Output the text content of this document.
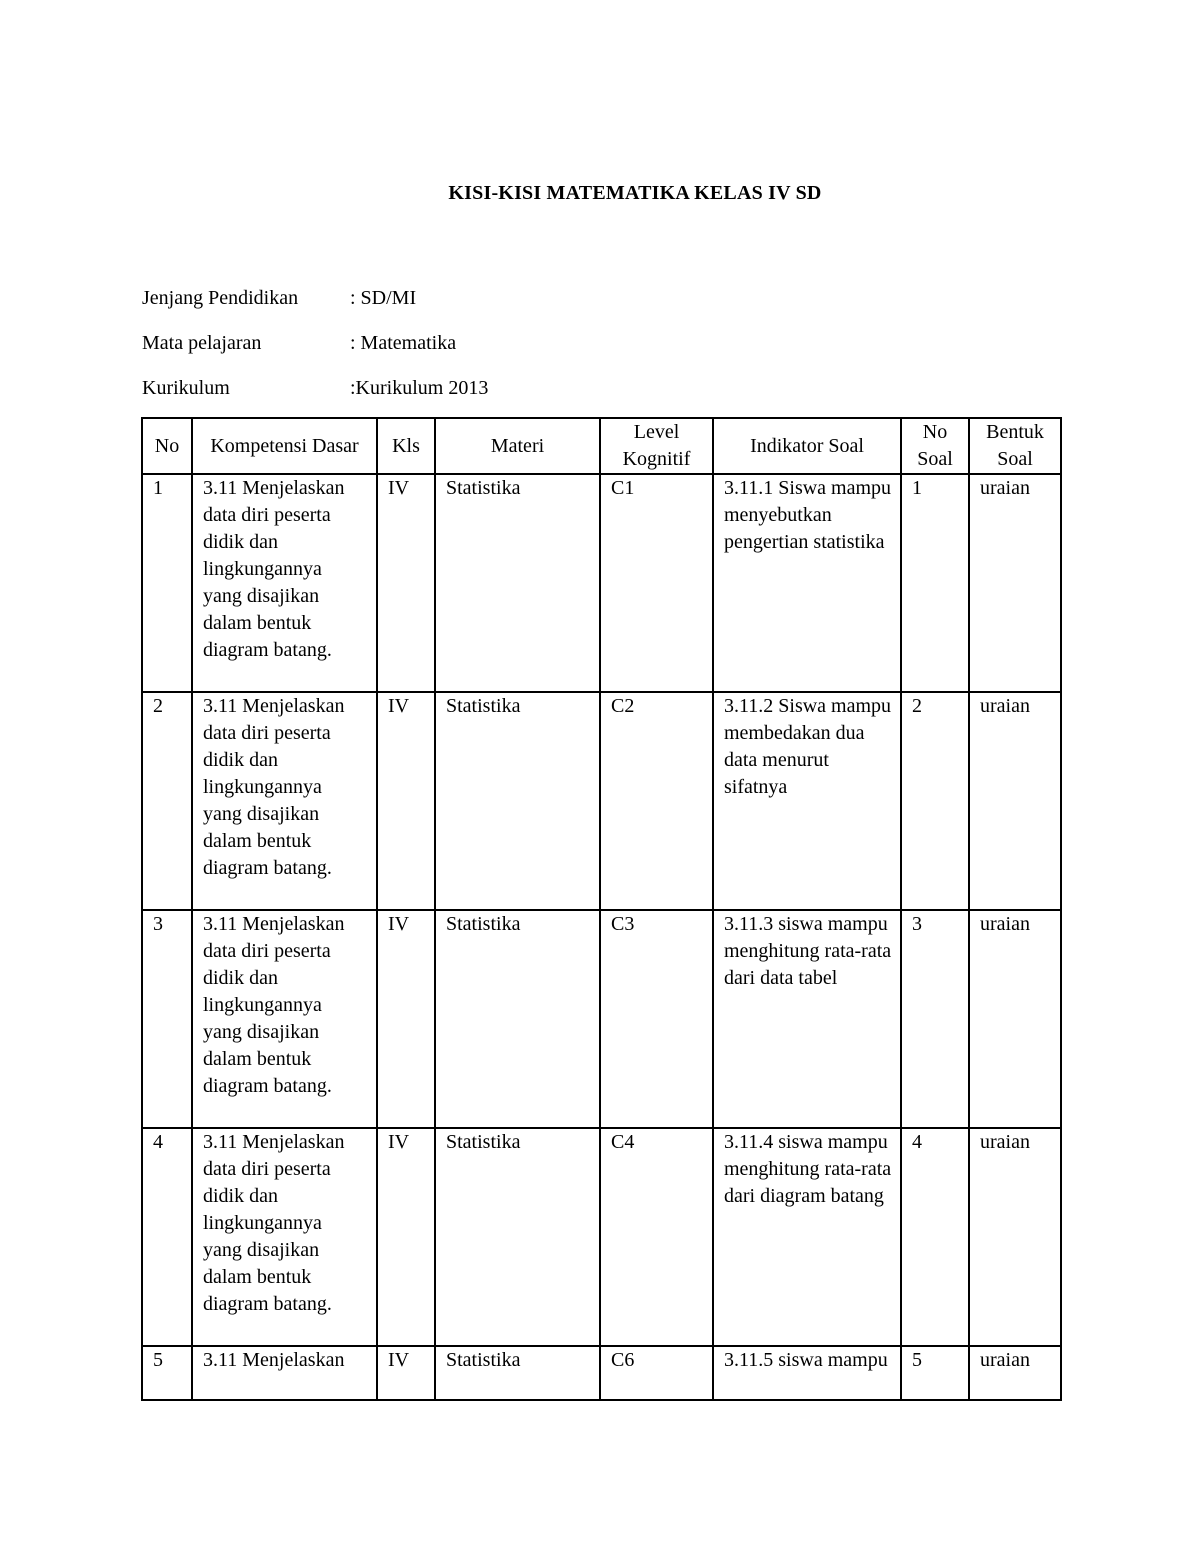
KISI-KISI MATEMATIKA KELAS IV SD
Jenjang Pendidikan	: SD/MI
Mata pelajaran	: Matematika
Kurikulum	:Kurikulum 2013
No	Kompetensi Dasar	Kls	Materi	Level Kognitif	Indikator Soal	No Soal	Bentuk Soal
1	3.11 Menjelaskan data diri peserta didik dan lingkungannya yang disajikan dalam bentuk diagram batang.	IV	Statistika	C1	3.11.1 Siswa mampu menyebutkan pengertian statistika	1	uraian
2	3.11 Menjelaskan data diri peserta didik dan lingkungannya yang disajikan dalam bentuk diagram batang.	IV	Statistika	C2	3.11.2 Siswa mampu membedakan dua data menurut sifatnya	2	uraian
3	3.11 Menjelaskan data diri peserta didik dan lingkungannya yang disajikan dalam bentuk diagram batang.	IV	Statistika	C3	3.11.3 siswa mampu menghitung rata-rata dari data tabel	3	uraian
4	3.11 Menjelaskan data diri peserta didik dan lingkungannya yang disajikan dalam bentuk diagram batang.	IV	Statistika	C4	3.11.4 siswa mampu menghitung rata-rata dari diagram batang	4	uraian
5	3.11 Menjelaskan	IV	Statistika	C6	3.11.5 siswa mampu	5	uraian
